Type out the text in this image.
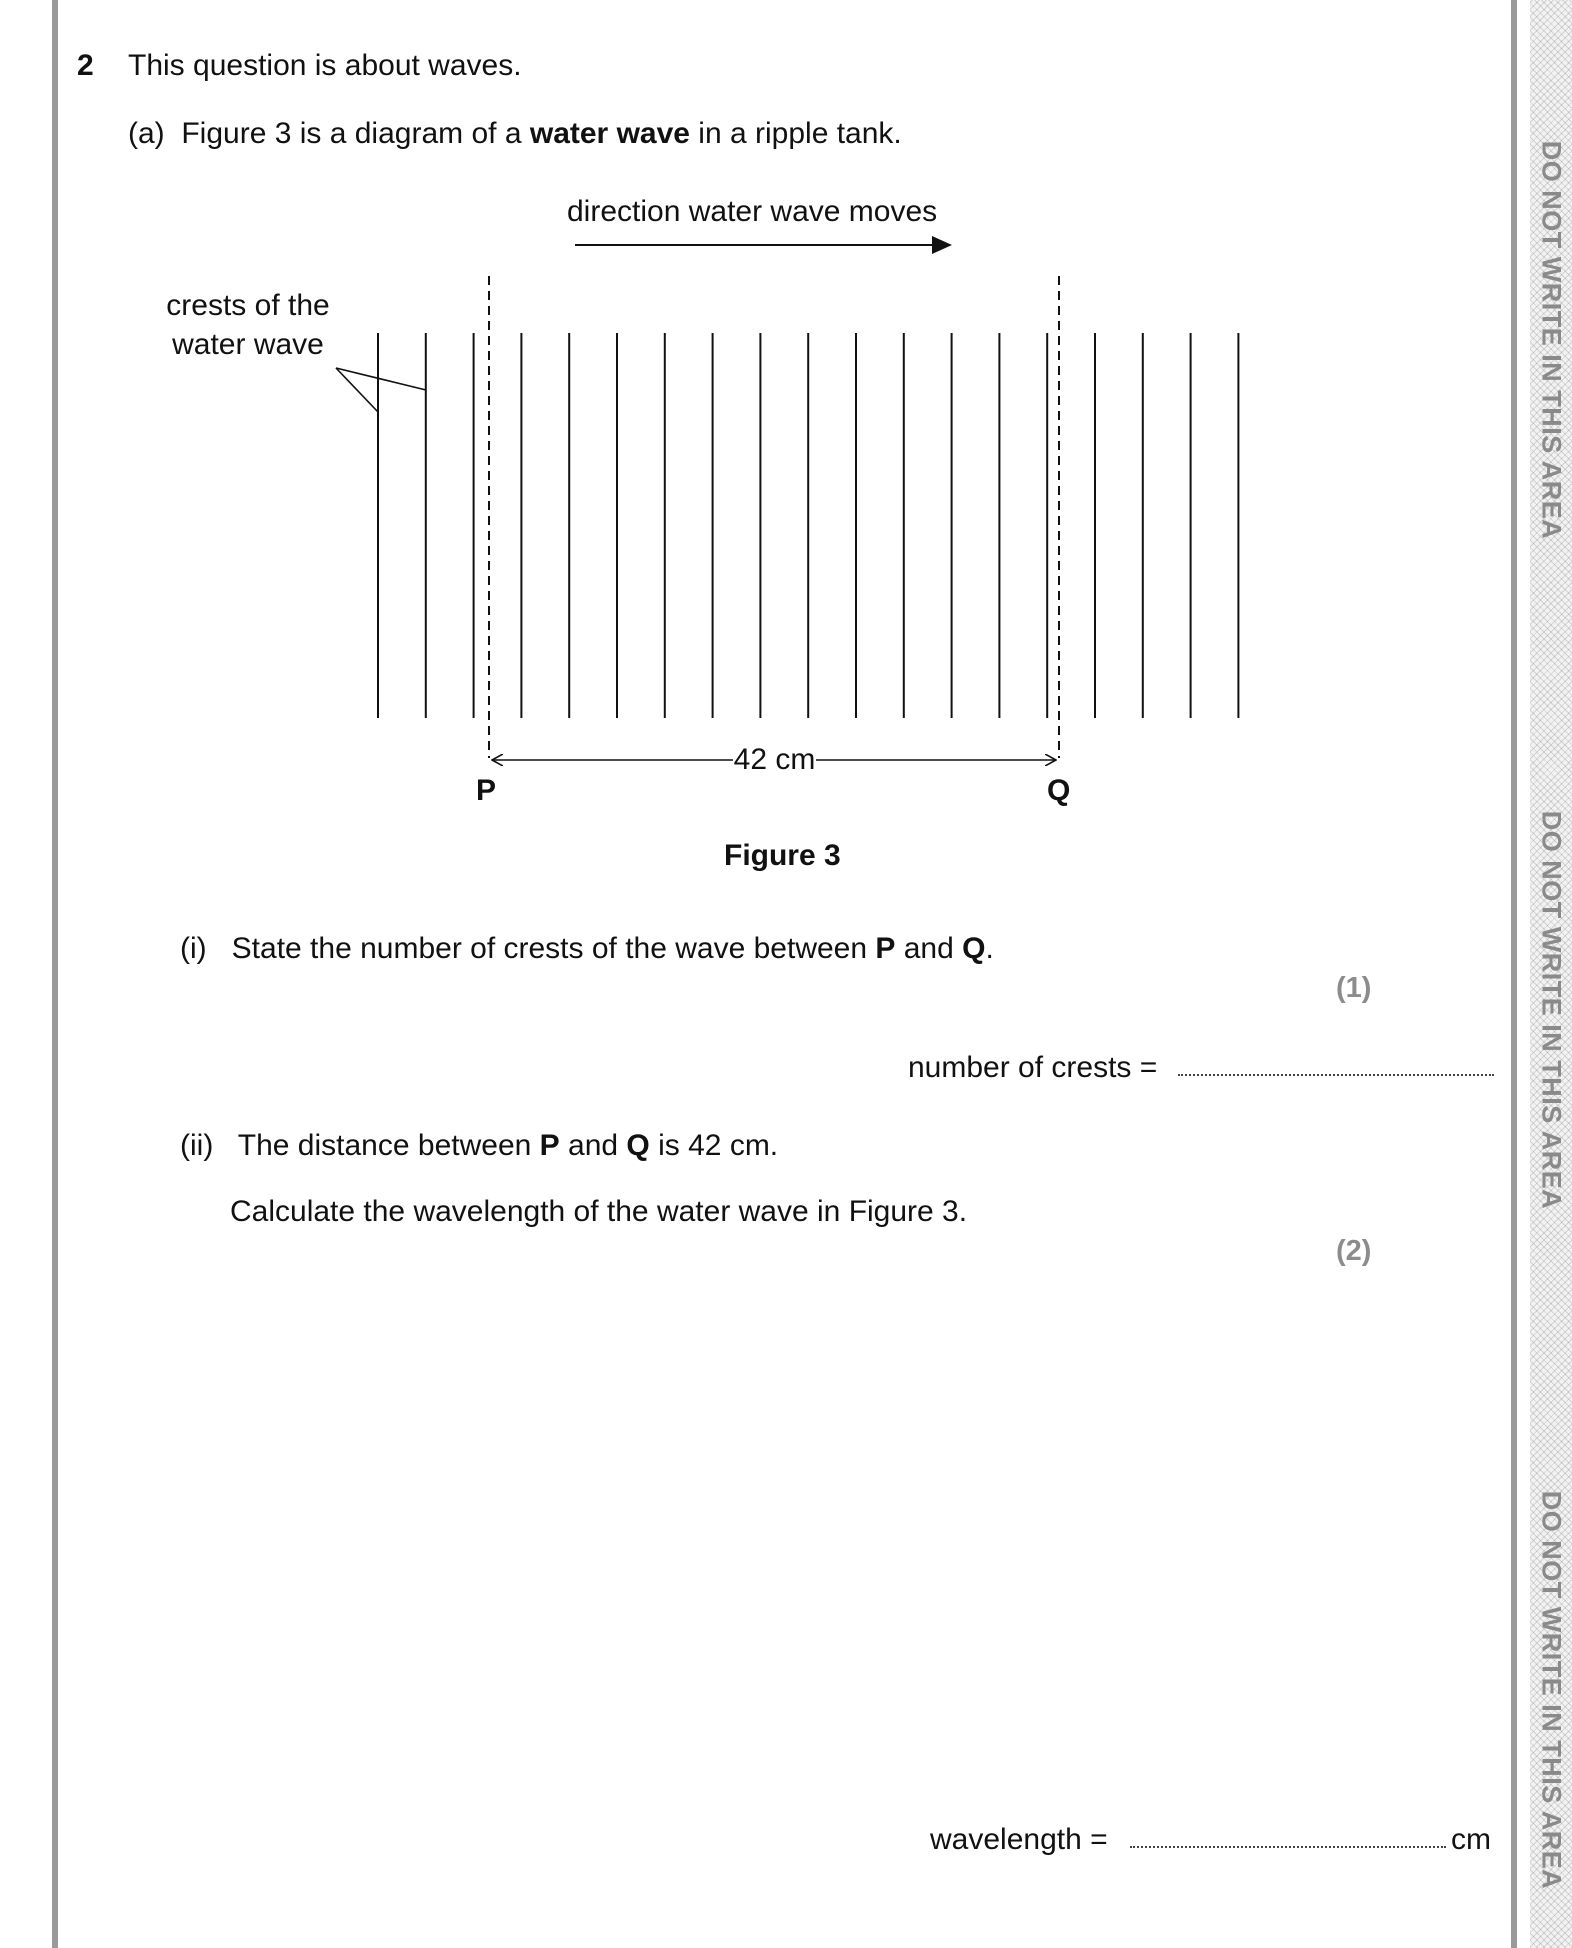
DO NOT WRITE IN THIS AREA
DO NOT WRITE IN THIS AREA
DO NOT WRITE IN THIS AREA
2 This question is about waves.
(a) Figure 3 is a diagram of a water wave in a ripple tank.
direction water wave moves
crests of the
water wave
42 cm
P	Q
Figure 3
(i) State the number of crests of the wave between P and Q.
(1)
number of crests =
(ii) The distance between P and Q is 42 cm.
Calculate the wavelength of the water wave in Figure 3.
(2)
wavelength =	cm
